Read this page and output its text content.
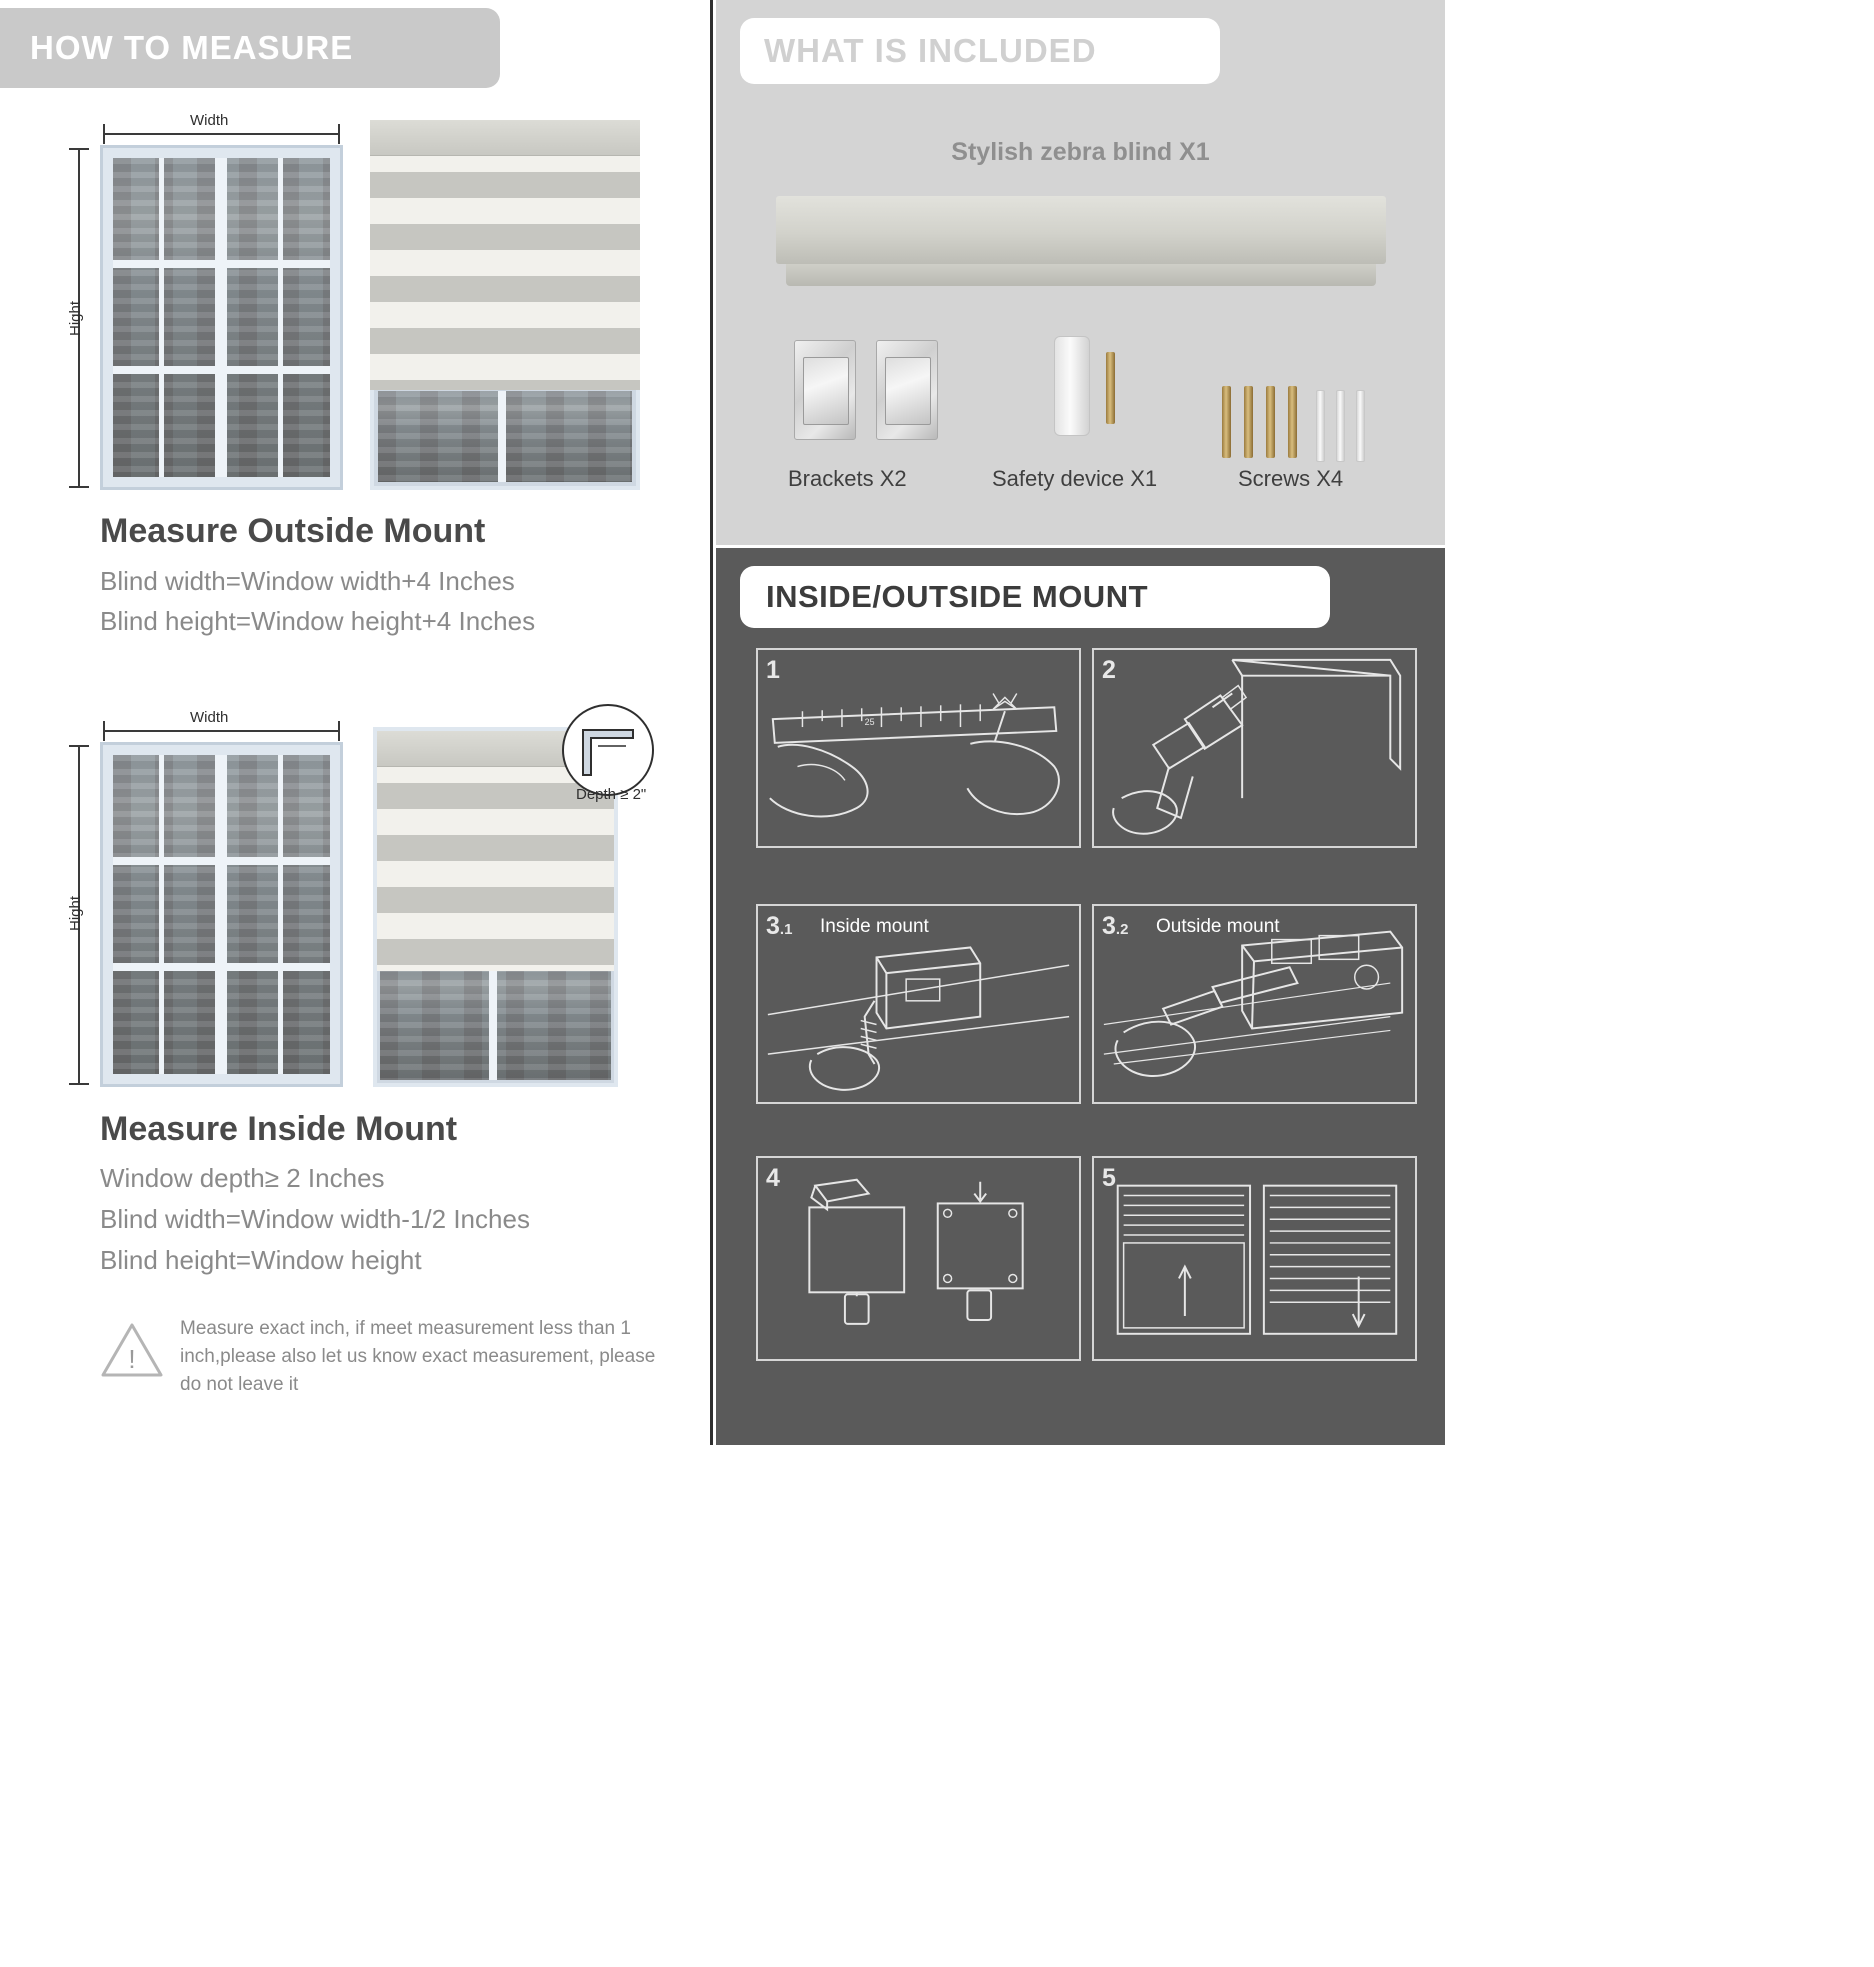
HOW TO MEASURE
Width
Hight
Measure Outside Mount
Blind width=Window width+4 Inches
Blind height=Window height+4 Inches
Width
Hight
Depth ≥ 2"
Measure Inside Mount
Window depth≥ 2 Inches
Blind width=Window width-1/2 Inches
Blind height=Window height
!
Measure exact inch, if meet measurement less than 1 inch,please also let us know exact measurement, please do not leave it
WHAT IS INCLUDED
Stylish zebra blind X1
Brackets X2	Safety device X1	Screws X4
INSIDE/OUTSIDE MOUNT
1
25
Mark install loca- tions
2
Punch at marked position
3.1 Inside mount
Drill holes & Inside bracket
3.2 Outside mount
Drill holes & Inside bracket
4
Install the blind
5
Finish
